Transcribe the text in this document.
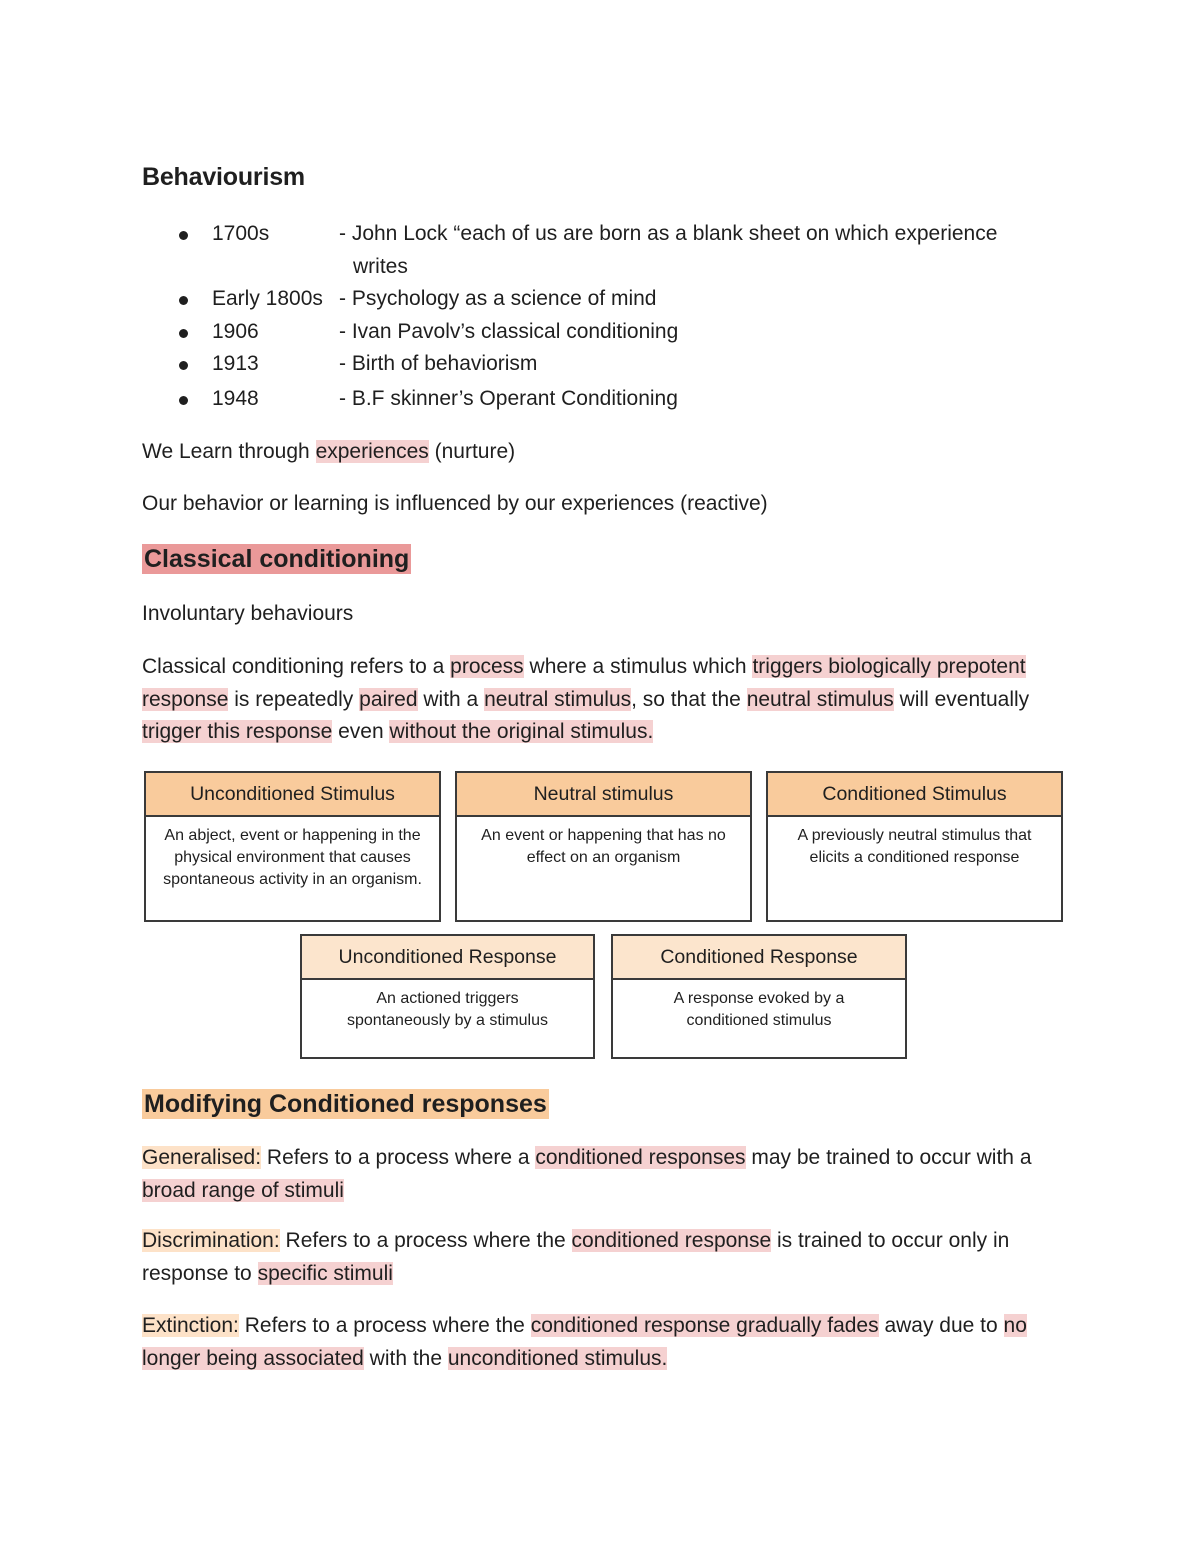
Behaviourism
1700s	- John Lock “each of us are born as a blank sheet on which experience writes
Early 1800s - Psychology as a science of mind
1906	- Ivan Pavolv’s classical conditioning
1913	- Birth of behaviorism
1948	- B.F skinner’s Operant Conditioning

We Learn through experiences (nurture)

Our behavior or learning is influenced by our experiences (reactive)

Classical conditioning

Involuntary behaviours

Classical conditioning refers to a process where a stimulus which triggers biologically prepotent response is repeatedly paired with a neutral stimulus, so that the neutral stimulus will eventually trigger this response even without the original stimulus.

Unconditioned Stimulus
An abject, event or happening in the physical environment that causes spontaneous activity in an organism.
Neutral stimulus
An event or happening that has no effect on an organism
Conditioned Stimulus
A previously neutral stimulus that elicits a conditioned response
Unconditioned Response
An actioned triggers spontaneously by a stimulus
Conditioned Response
A response evoked by a conditioned stimulus
Modifying Conditioned responses

Generalised: Refers to a process where a conditioned responses may be trained to occur with a broad range of stimuli

Discrimination: Refers to a process where the conditioned response is trained to occur only in response to specific stimuli

Extinction: Refers to a process where the conditioned response gradually fades away due to no longer being associated with the unconditioned stimulus.
